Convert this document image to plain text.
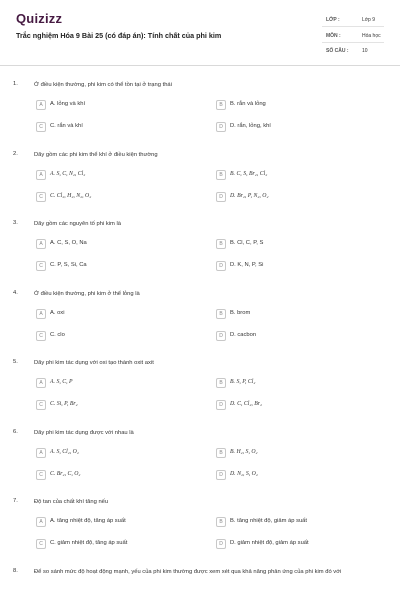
Quizizz
Trắc nghiệm Hóa 9 Bài 25 (có đáp án): Tính chất của phi kim
LỚP :	Lớp 9
MÔN :	Hóa học
SỐ CÂU :	10
1.	Ở điều kiện thường, phi kim có thể tồn tại ở trạng thái
A	A. lỏng và khí	B	B. rắn và lỏng
C	C. rắn và khí	D	D. rắn, lỏng, khí
2.	Dãy gồm các phi kim thể khí ở điều kiện thường
A	A. S, C, N₂, Cl₂	B	B. C, S, Br₂, Cl₂
C	C. Cl₂, H₂, N₂, O₂	D	D. Br₂, P, N₂, O₂
3.	Dãy gồm các nguyên tố phi kim là
A	A. C, S, O, Na	B	B. Cl, C, P, S
C	C. P, S, Si, Ca	D	D. K, N, P, Si
4.	Ở điều kiện thường, phi kim ở thể lỏng là
A	A. oxi	B	B. brom
C	C. clo	D	D. cacbon
5.	Dãy phi kim tác dụng với oxi tạo thành oxit axit
A	A. S, C, P	B	B. S, P, Cl₂
C	C. Si, P, Br₂	D	D. C, Cl₂, Br₂
6.	Dãy phi kim tác dụng được với nhau là
A	A. S, Cl₂, O₂	B	B. H₂, S, O₂
C	C. Br₂, C, O₂	D	D. N₂, S, O₂
7.	Độ tan của chất khí tăng nếu
A	A. tăng nhiệt độ, tăng áp suất	B	B. tăng nhiệt độ, giảm áp suất
C	C. giảm nhiệt độ, tăng áp suất	D	D. giảm nhiệt độ, giảm áp suất
8.	Để so sánh mức độ hoạt động mạnh, yếu của phi kim thường được xem xét qua khả năng phản ứng của phi kim đó với
